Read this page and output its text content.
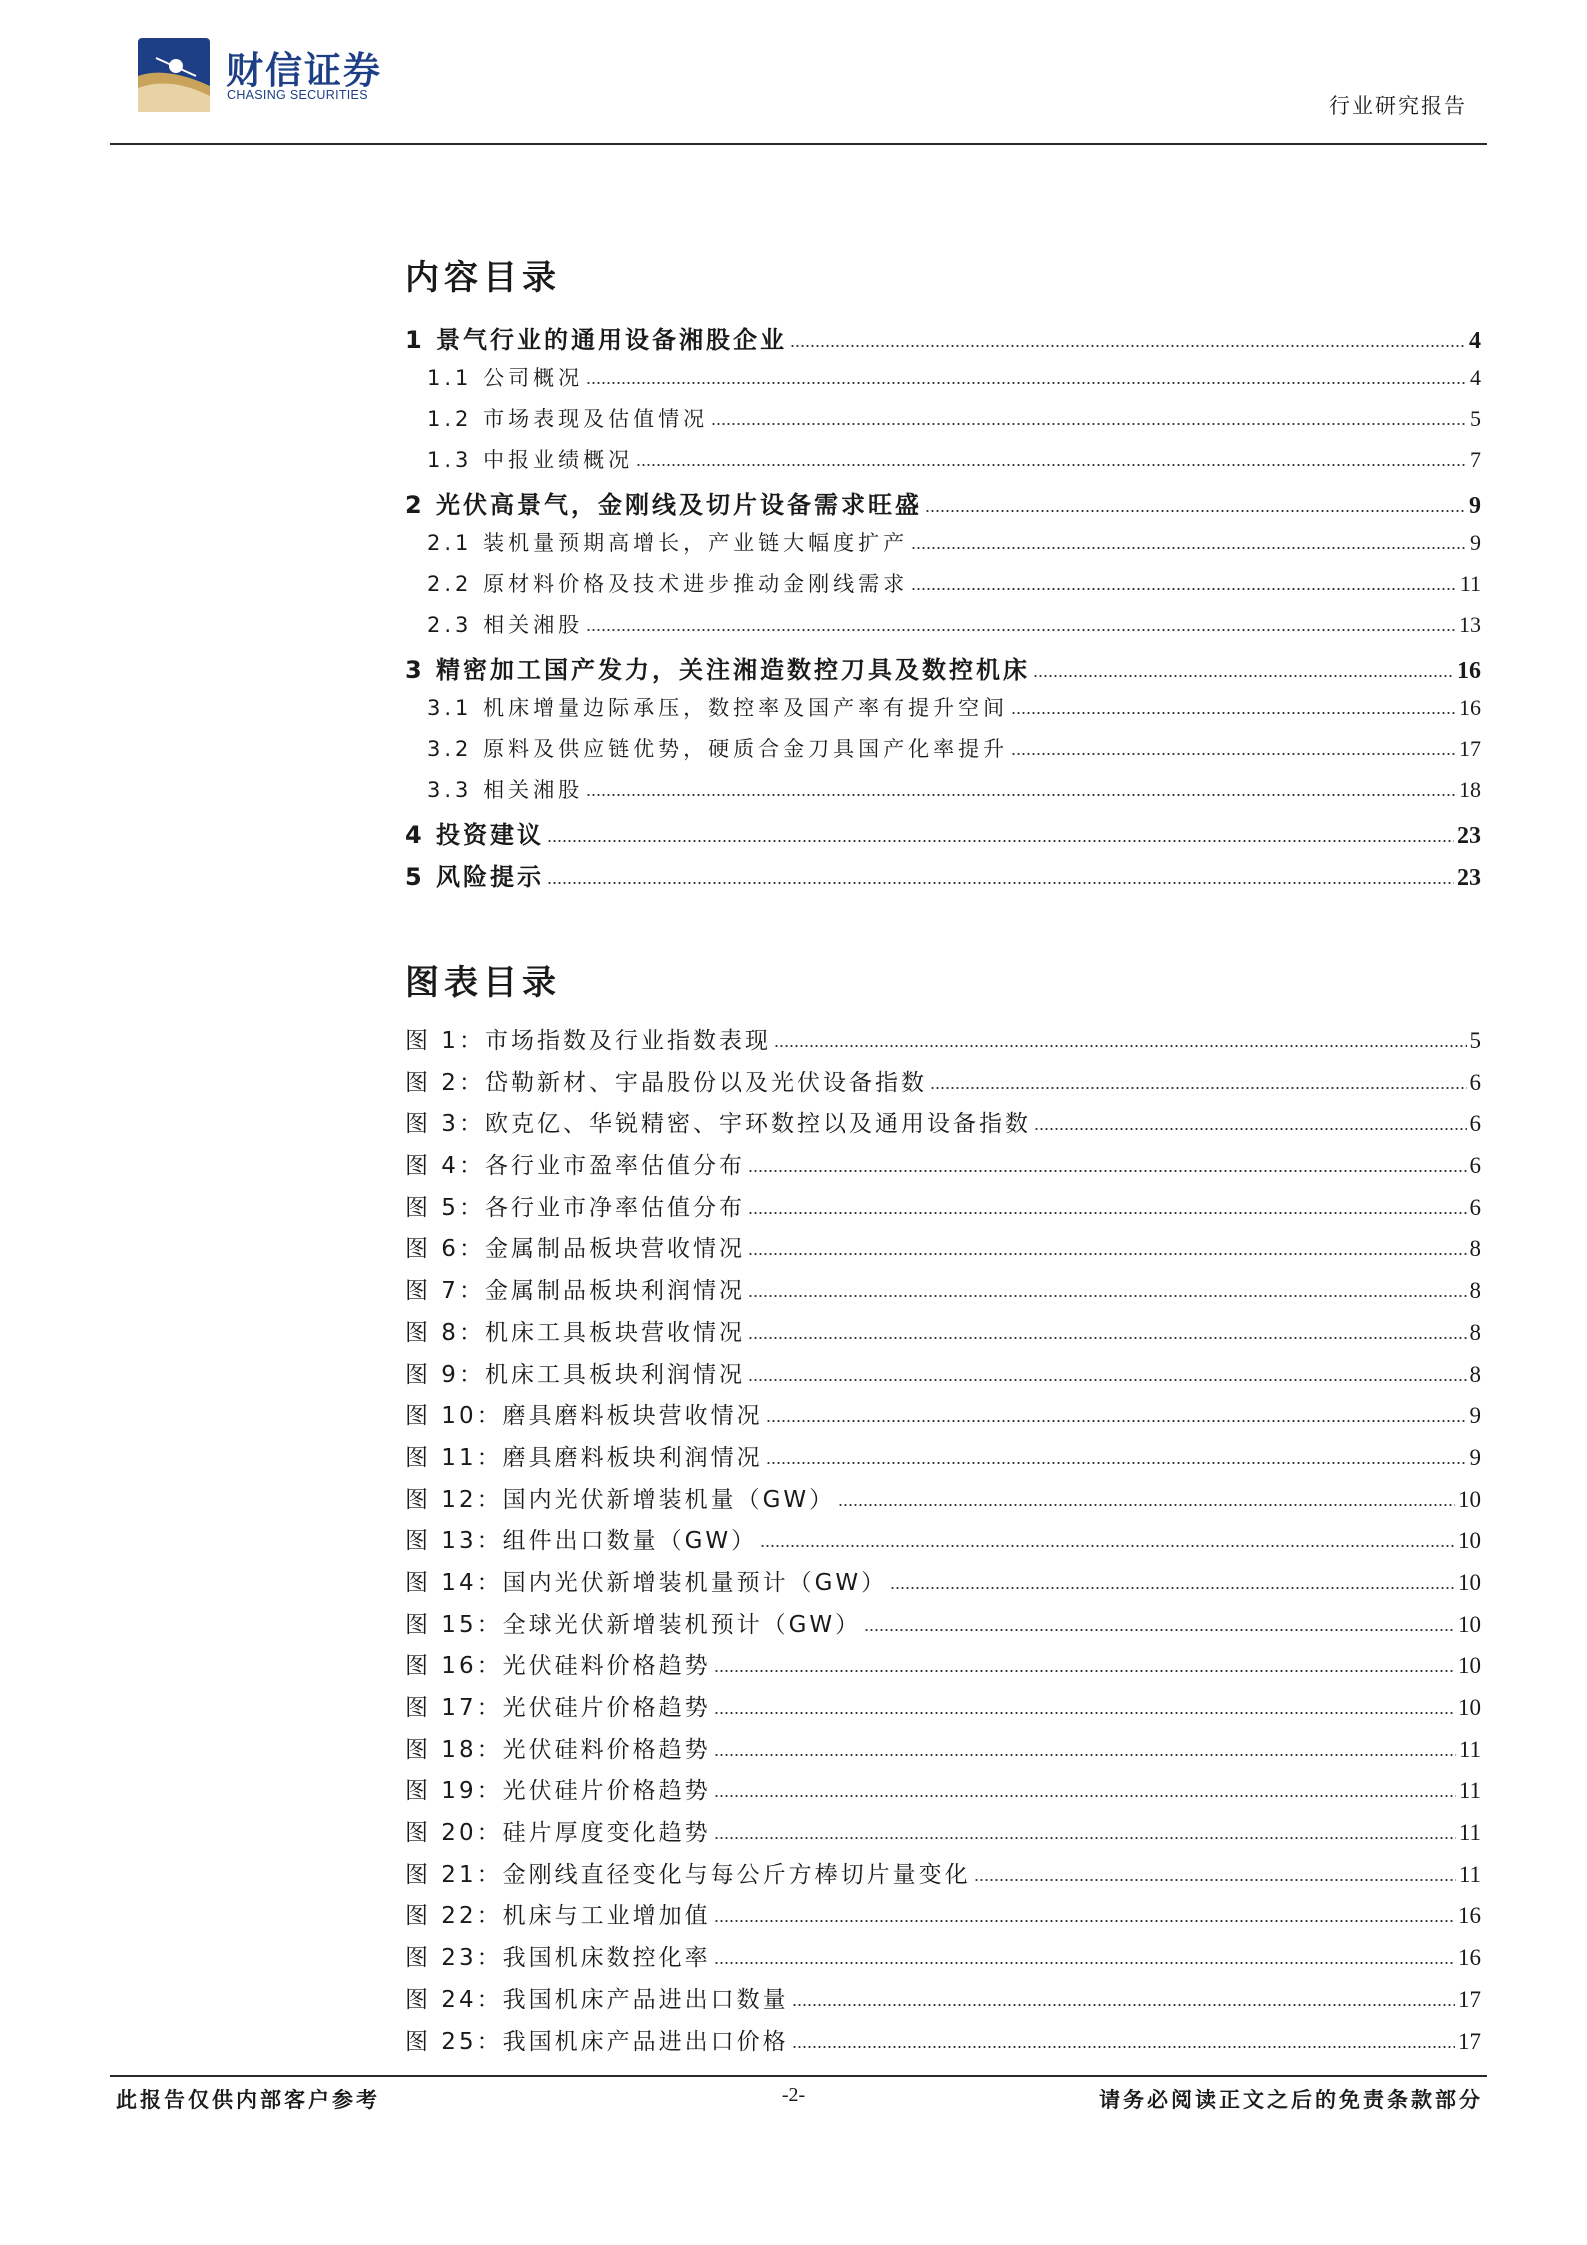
财信证券
CHASING SECURITIES	行业研究报告
内容目录
1 景气行业的通用设备湘股企业	4
1.1 公司概况	4
1.2 市场表现及估值情况	5
1.3 中报业绩概况	7
2 光伏高景气，金刚线及切片设备需求旺盛	9
2.1 装机量预期高增长，产业链大幅度扩产	9
2.2 原材料价格及技术进步推动金刚线需求	11
2.3 相关湘股	13
3 精密加工国产发力，关注湘造数控刀具及数控机床	16
3.1 机床增量边际承压，数控率及国产率有提升空间	16
3.2 原料及供应链优势，硬质合金刀具国产化率提升	17
3.3 相关湘股	18
4 投资建议	23
5 风险提示	23
图表目录
图 1：市场指数及行业指数表现	5
图 2：岱勒新材、宇晶股份以及光伏设备指数	6
图 3：欧克亿、华锐精密、宇环数控以及通用设备指数	6
图 4：各行业市盈率估值分布	6
图 5：各行业市净率估值分布	6
图 6：金属制品板块营收情况	8
图 7：金属制品板块利润情况	8
图 8：机床工具板块营收情况	8
图 9：机床工具板块利润情况	8
图 10：磨具磨料板块营收情况	9
图 11：磨具磨料板块利润情况	9
图 12：国内光伏新增装机量（GW）	10
图 13：组件出口数量（GW）	10
图 14：国内光伏新增装机量预计（GW）	10
图 15：全球光伏新增装机预计（GW）	10
图 16：光伏硅料价格趋势	10
图 17：光伏硅片价格趋势	10
图 18：光伏硅料价格趋势	11
图 19：光伏硅片价格趋势	11
图 20：硅片厚度变化趋势	11
图 21：金刚线直径变化与每公斤方棒切片量变化	11
图 22：机床与工业增加值	16
图 23：我国机床数控化率	16
图 24：我国机床产品进出口数量	17
图 25：我国机床产品进出口价格	17
此报告仅供内部客户参考	-2-	请务必阅读正文之后的免责条款部分
